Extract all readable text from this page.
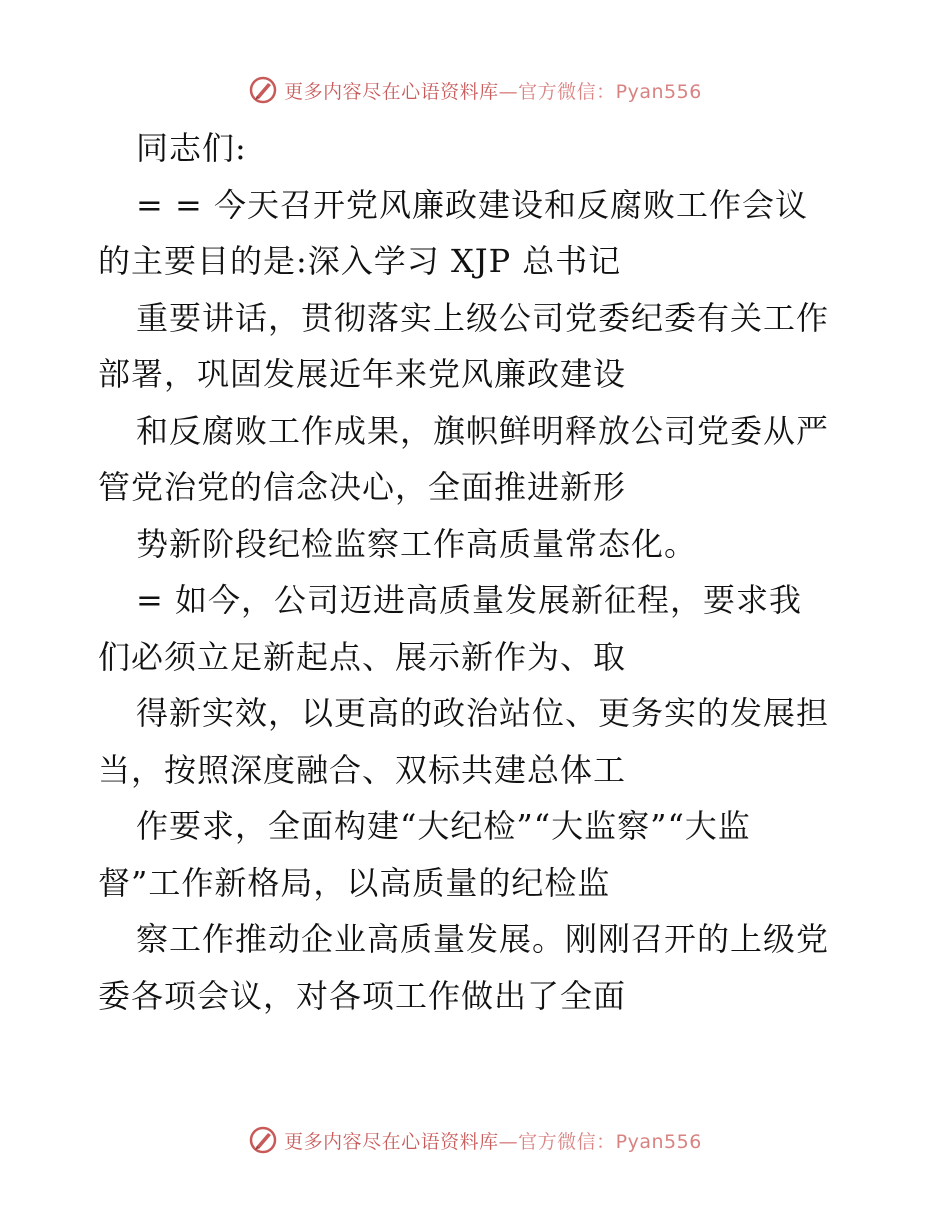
更多内容尽在心语资料库 —官方微信：Pyan556
同志们:
= = 今天召开党风廉政建设和反腐败工作会议
的主要目的是:深入学习 XJP 总书记
重要讲话，贯彻落实上级公司党委纪委有关工作
部署，巩固发展近年来党风廉政建设
和反腐败工作成果，旗帜鲜明释放公司党委从严
管党治党的信念决心，全面推进新形
势新阶段纪检监察工作高质量常态化。
= 如今，公司迈进高质量发展新征程，要求我
们必须立足新起点、展示新作为、取
得新实效，以更高的政治站位、更务实的发展担
当，按照深度融合、双标共建总体工
作要求，全面构建“大纪检”“大监察”“大监
督”工作新格局，以高质量的纪检监
察工作推动企业高质量发展。刚刚召开的上级党
委各项会议，对各项工作做出了全面
更多内容尽在心语资料库 —官方微信：Pyan556
